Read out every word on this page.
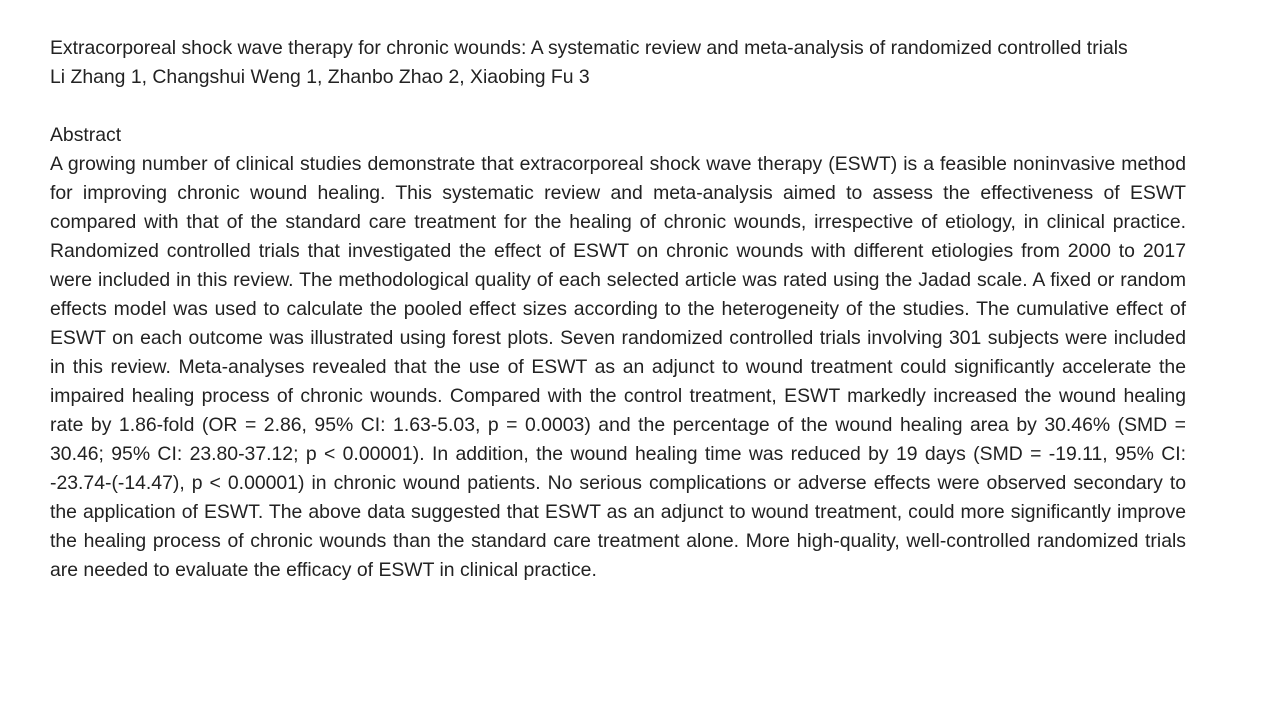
Extracorporeal shock wave therapy for chronic wounds: A systematic review and meta-analysis of randomized controlled trials

Li Zhang 1, Changshui Weng 1, Zhanbo Zhao 2, Xiaobing Fu 3

Abstract

A growing number of clinical studies demonstrate that extracorporeal shock wave therapy (ESWT) is a feasible noninvasive method for improving chronic wound healing. This systematic review and meta-analysis aimed to assess the effectiveness of ESWT compared with that of the standard care treatment for the healing of chronic wounds, irrespective of etiology, in clinical practice. Randomized controlled trials that investigated the effect of ESWT on chronic wounds with different etiologies from 2000 to 2017 were included in this review. The methodological quality of each selected article was rated using the Jadad scale. A fixed or random effects model was used to calculate the pooled effect sizes according to the heterogeneity of the studies. The cumulative effect of ESWT on each outcome was illustrated using forest plots. Seven randomized controlled trials involving 301 subjects were included in this review. Meta-analyses revealed that the use of ESWT as an adjunct to wound treatment could significantly accelerate the impaired healing process of chronic wounds. Compared with the control treatment, ESWT markedly increased the wound healing rate by 1.86-fold (OR = 2.86, 95% CI: 1.63-5.03, p = 0.0003) and the percentage of the wound healing area by 30.46% (SMD = 30.46; 95% CI: 23.80-37.12; p < 0.00001). In addition, the wound healing time was reduced by 19 days (SMD = -19.11, 95% CI: -23.74-(-14.47), p < 0.00001) in chronic wound patients. No serious complications or adverse effects were observed secondary to the application of ESWT. The above data suggested that ESWT as an adjunct to wound treatment, could more significantly improve the healing process of chronic wounds than the standard care treatment alone. More high-quality, well-controlled randomized trials are needed to evaluate the efficacy of ESWT in clinical practice.
